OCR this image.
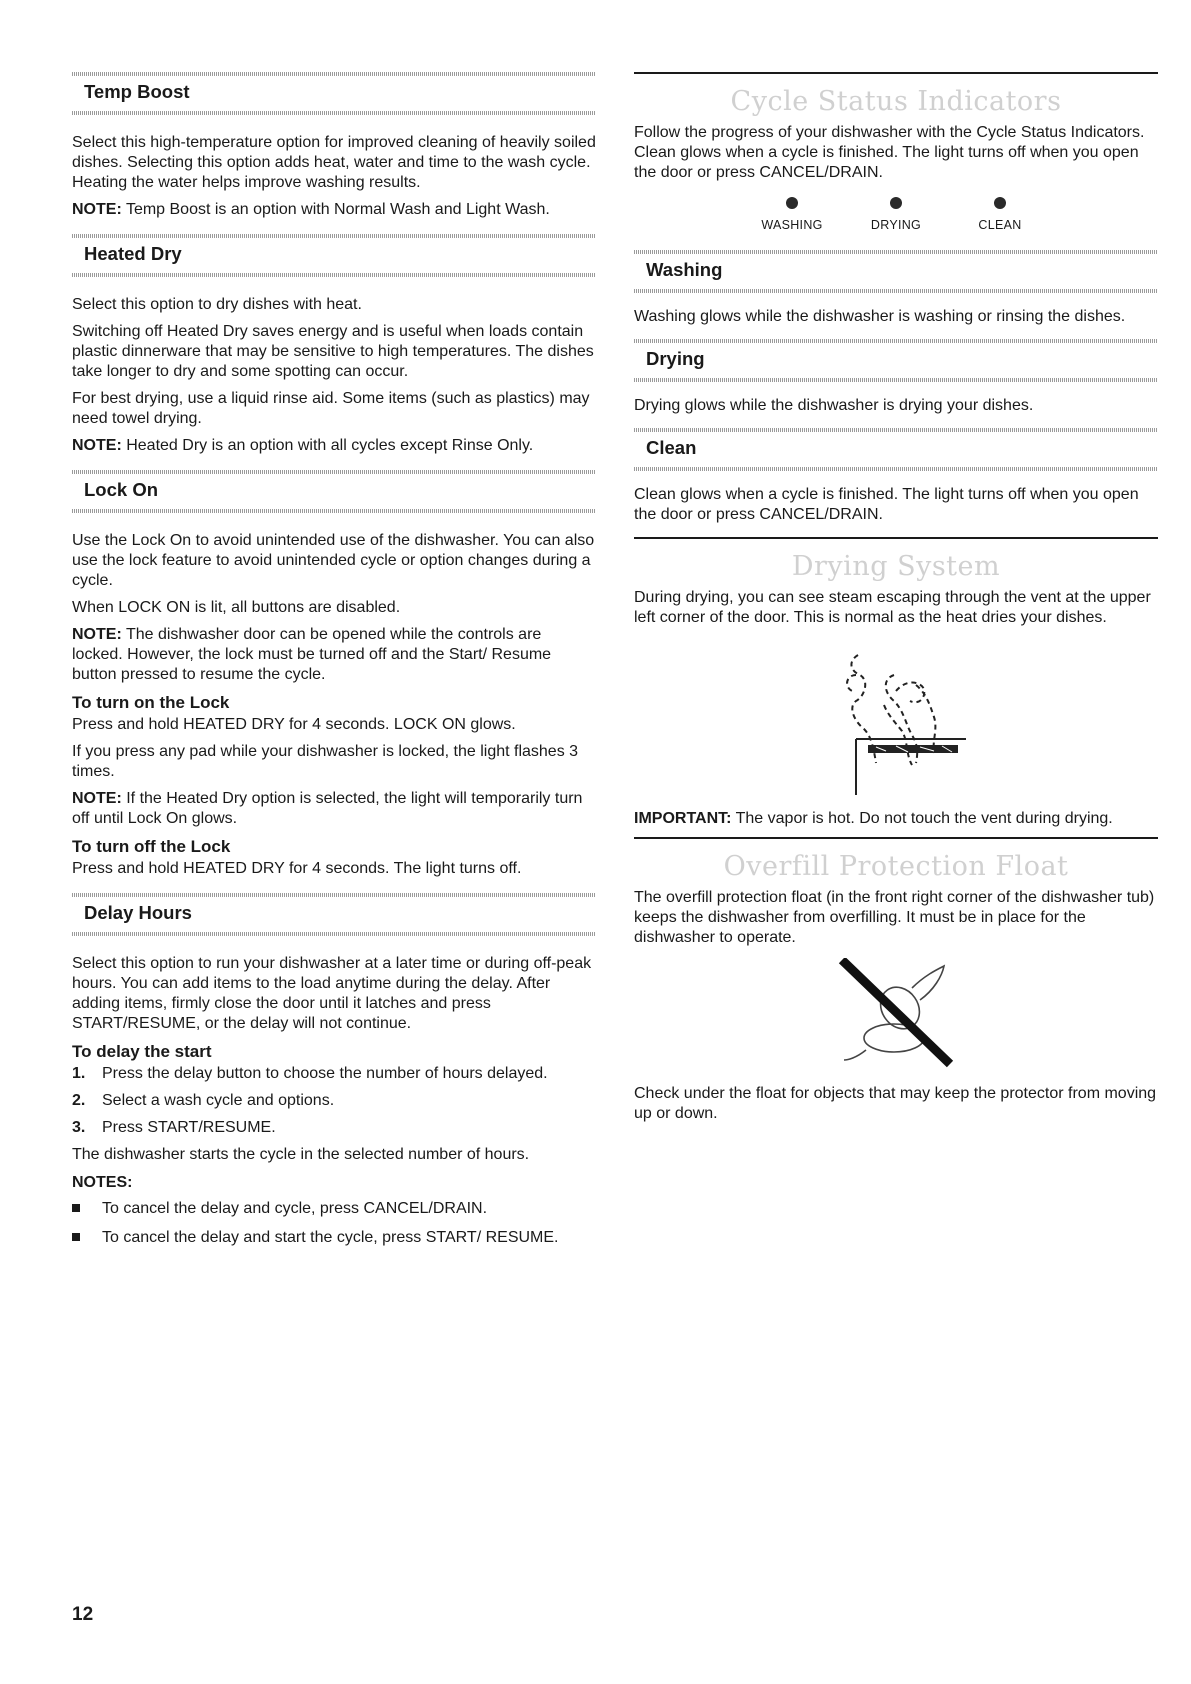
Temp Boost

Select this high-temperature option for improved cleaning of heavily soiled dishes. Selecting this option adds heat, water and time to the wash cycle. Heating the water helps improve washing results.

NOTE: Temp Boost is an option with Normal Wash and Light Wash.

Heated Dry

Select this option to dry dishes with heat.

Switching off Heated Dry saves energy and is useful when loads contain plastic dinnerware that may be sensitive to high temperatures. The dishes take longer to dry and some spotting can occur.

For best drying, use a liquid rinse aid. Some items (such as plastics) may need towel drying.

NOTE: Heated Dry is an option with all cycles except Rinse Only.

Lock On

Use the Lock On to avoid unintended use of the dishwasher. You can also use the lock feature to avoid unintended cycle or option changes during a cycle.

When LOCK ON is lit, all buttons are disabled.

NOTE: The dishwasher door can be opened while the controls are locked. However, the lock must be turned off and the Start/ Resume button pressed to resume the cycle.

To turn on the Lock

Press and hold HEATED DRY for 4 seconds. LOCK ON glows.

If you press any pad while your dishwasher is locked, the light flashes 3 times.

NOTE: If the Heated Dry option is selected, the light will temporarily turn off until Lock On glows.

To turn off the Lock

Press and hold HEATED DRY for 4 seconds. The light turns off.

Delay Hours

Select this option to run your dishwasher at a later time or during off-peak hours. You can add items to the load anytime during the delay. After adding items, firmly close the door until it latches and press START/RESUME, or the delay will not continue.

To delay the start
1.	Press the delay button to choose the number of hours delayed.
2.	Select a wash cycle and options.
3.	Press START/RESUME.

The dishwasher starts the cycle in the selected number of hours.

NOTES:
To cancel the delay and cycle, press CANCEL/DRAIN.
To cancel the delay and start the cycle, press START/ RESUME.
Cycle Status Indicators

Follow the progress of your dishwasher with the Cycle Status Indicators. Clean glows when a cycle is finished. The light turns off when you open the door or press CANCEL/DRAIN.

WASHING	DRYING	CLEAN
Washing

Washing glows while the dishwasher is washing or rinsing the dishes.

Drying

Drying glows while the dishwasher is drying your dishes.

Clean

Clean glows when a cycle is finished. The light turns off when you open the door or press CANCEL/DRAIN.

Drying System

During drying, you can see steam escaping through the vent at the upper left corner of the door. This is normal as the heat dries your dishes.

IMPORTANT: The vapor is hot. Do not touch the vent during drying.

Overfill Protection Float

The overfill protection float (in the front right corner of the dishwasher tub) keeps the dishwasher from overfilling. It must be in place for the dishwasher to operate.

Check under the float for objects that may keep the protector from moving up or down.

12
